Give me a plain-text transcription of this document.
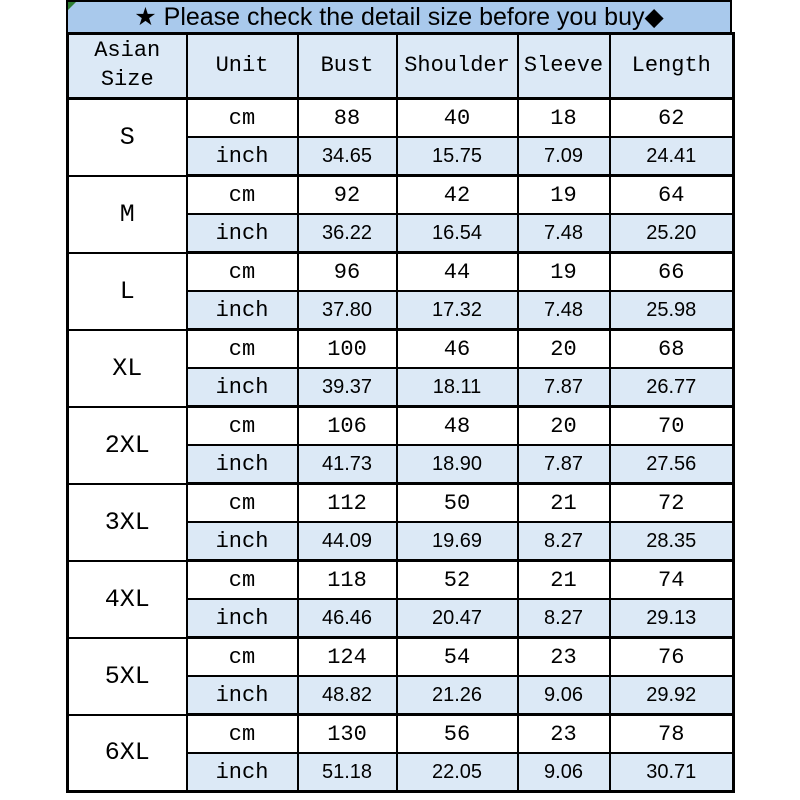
★ Please check the detail size before you buy◆
Asian Size	Unit	Bust	Shoulder	Sleeve	Length
S	cm	88	40	18	62
	inch	34.65	15.75	7.09	24.41
M	cm	92	42	19	64
	inch	36.22	16.54	7.48	25.20
L	cm	96	44	19	66
	inch	37.80	17.32	7.48	25.98
XL	cm	100	46	20	68
	inch	39.37	18.11	7.87	26.77
2XL	cm	106	48	20	70
	inch	41.73	18.90	7.87	27.56
3XL	cm	112	50	21	72
	inch	44.09	19.69	8.27	28.35
4XL	cm	118	52	21	74
	inch	46.46	20.47	8.27	29.13
5XL	cm	124	54	23	76
	inch	48.82	21.26	9.06	29.92
6XL	cm	130	56	23	78
	inch	51.18	22.05	9.06	30.71
